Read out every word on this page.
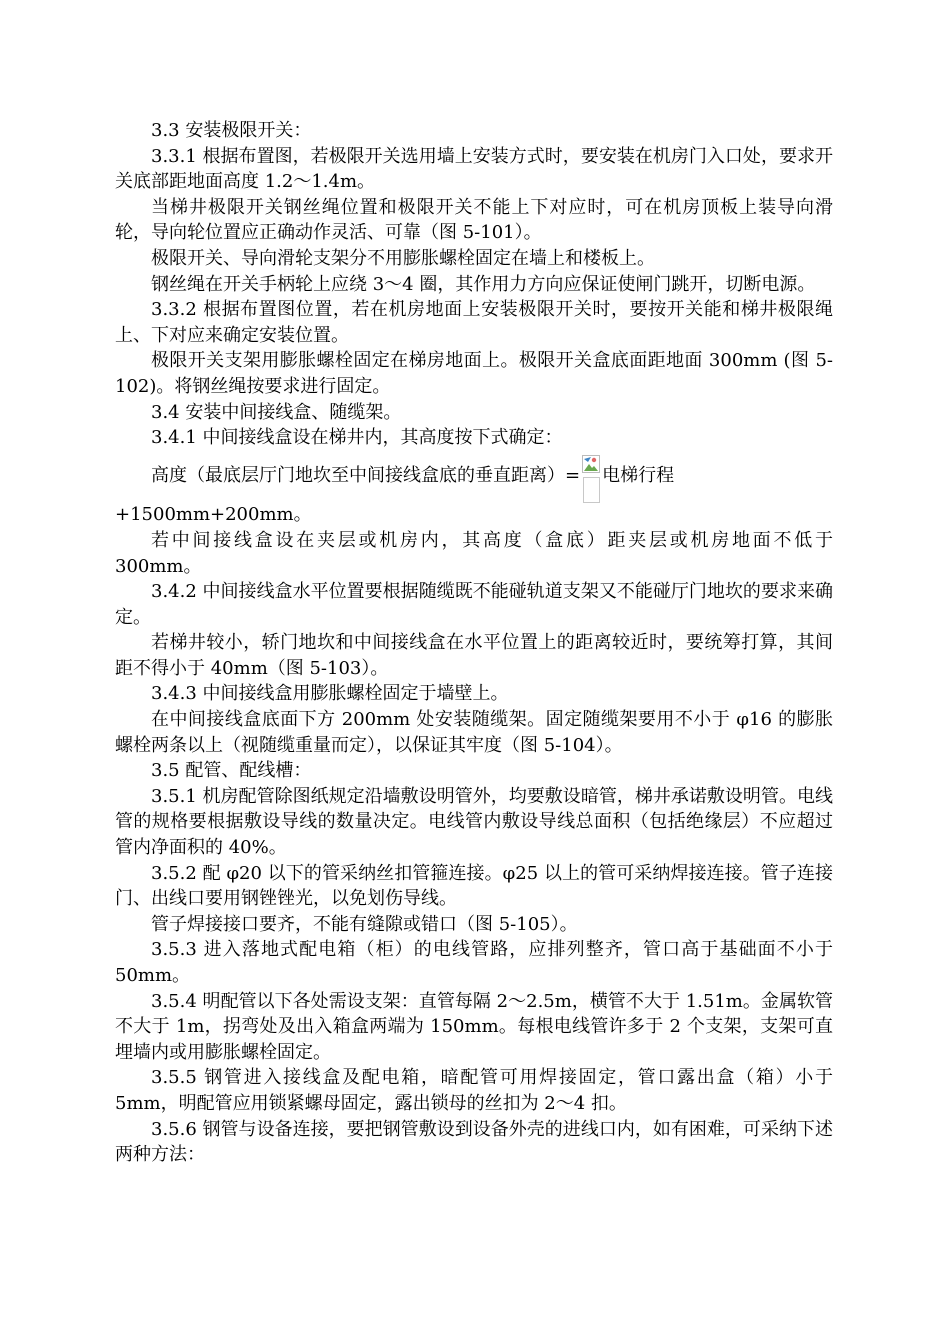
3.3 安装极限开关：

3.3.1 根据布置图，若极限开关选用墙上安装方式时，要安装在机房门入口处，要求开关底部距地面高度 1.2～1.4m。

当梯井极限开关钢丝绳位置和极限开关不能上下对应时，可在机房顶板上装导向滑轮，导向轮位置应正确动作灵活、可靠（图 5-101）。

极限开关、导向滑轮支架分不用膨胀螺栓固定在墙上和楼板上。

钢丝绳在开关手柄轮上应绕 3～4 圈，其作用力方向应保证使闸门跳开，切断电源。

3.3.2 根据布置图位置，若在机房地面上安装极限开关时，要按开关能和梯井极限绳上、下对应来确定安装位置。

极限开关支架用膨胀螺栓固定在梯房地面上。极限开关盒底面距地面 300mm (图 5-102)。将钢丝绳按要求进行固定。

3.4 安装中间接线盒、随缆架。

3.4.1 中间接线盒设在梯井内，其高度按下式确定：

高度（最底层厅门地坎至中间接线盒底的垂直距离）= 电梯行程

+1500mm+200mm。

若中间接线盒设在夹层或机房内，其高度（盒底）距夹层或机房地面不低于 300mm。

3.4.2 中间接线盒水平位置要根据随缆既不能碰轨道支架又不能碰厅门地坎的要求来确定。

若梯井较小，轿门地坎和中间接线盒在水平位置上的距离较近时，要统筹打算，其间距不得小于 40mm（图 5-103）。

3.4.3 中间接线盒用膨胀螺栓固定于墙壁上。

在中间接线盒底面下方 200mm 处安装随缆架。固定随缆架要用不小于 φ16 的膨胀螺栓两条以上（视随缆重量而定），以保证其牢度（图 5-104）。

3.5 配管、配线槽：

3.5.1 机房配管除图纸规定沿墙敷设明管外，均要敷设暗管，梯井承诺敷设明管。电线管的规格要根据敷设导线的数量决定。电线管内敷设导线总面积（包括绝缘层）不应超过管内净面积的 40%。

3.5.2 配 φ20 以下的管采纳丝扣管箍连接。φ25 以上的管可采纳焊接连接。管子连接门、出线口要用钢锉锉光，以免划伤导线。

管子焊接接口要齐，不能有缝隙或错口（图 5-105）。

3.5.3 进入落地式配电箱（柜）的电线管路，应排列整齐，管口高于基础面不小于 50mm。

3.5.4 明配管以下各处需设支架：直管每隔 2～2.5m，横管不大于 1.51m。金属软管不大于 1m，拐弯处及出入箱盒两端为 150mm。每根电线管许多于 2 个支架，支架可直埋墙内或用膨胀螺栓固定。

3.5.5 钢管进入接线盒及配电箱，暗配管可用焊接固定，管口露出盒（箱）小于 5mm，明配管应用锁紧螺母固定，露出锁母的丝扣为 2～4 扣。

3.5.6 钢管与设备连接，要把钢管敷设到设备外壳的进线口内，如有困难，可采纳下述两种方法：
